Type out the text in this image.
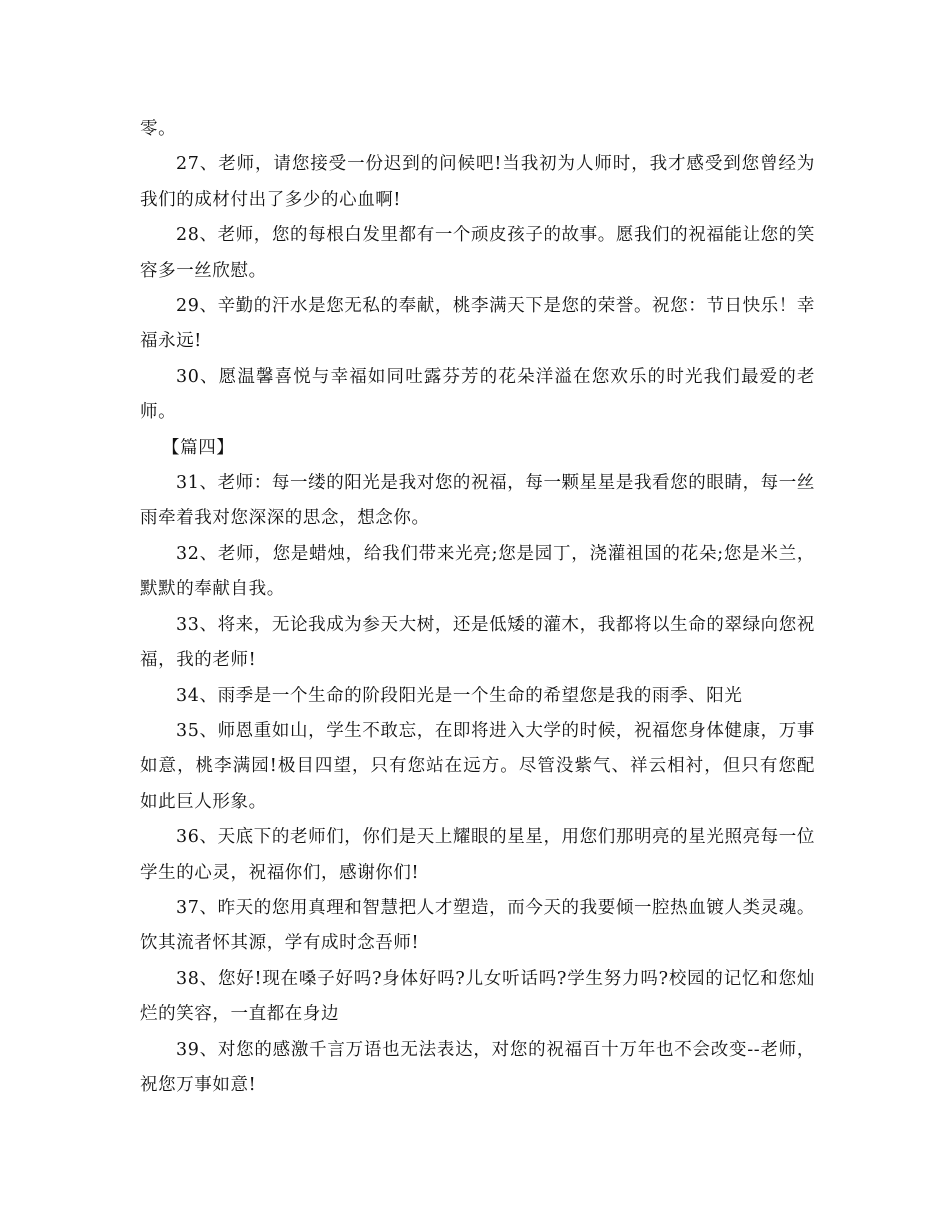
零。

27、老师，请您接受一份迟到的问候吧!当我初为人师时，我才感受到您曾经为我们的成材付出了多少的心血啊!

28、老师，您的每根白发里都有一个顽皮孩子的故事。愿我们的祝福能让您的笑容多一丝欣慰。

29、辛勤的汗水是您无私的奉献，桃李满天下是您的荣誉。祝您：节日快乐！幸福永远!

30、愿温馨喜悦与幸福如同吐露芬芳的花朵洋溢在您欢乐的时光我们最爱的老师。

【篇四】

31、老师：每一缕的阳光是我对您的祝福，每一颗星星是我看您的眼睛，每一丝雨牵着我对您深深的思念，想念你。

32、老师，您是蜡烛，给我们带来光亮;您是园丁，浇灌祖国的花朵;您是米兰，默默的奉献自我。

33、将来，无论我成为参天大树，还是低矮的灌木，我都将以生命的翠绿向您祝福，我的老师!

34、雨季是一个生命的阶段阳光是一个生命的希望您是我的雨季、阳光

35、师恩重如山，学生不敢忘，在即将进入大学的时候，祝福您身体健康，万事如意，桃李满园!极目四望，只有您站在远方。尽管没紫气、祥云相衬，但只有您配如此巨人形象。

36、天底下的老师们，你们是天上耀眼的星星，用您们那明亮的星光照亮每一位学生的心灵，祝福你们，感谢你们!

37、昨天的您用真理和智慧把人才塑造，而今天的我要倾一腔热血镀人类灵魂。饮其流者怀其源，学有成时念吾师!

38、您好!现在嗓子好吗?身体好吗?儿女听话吗?学生努力吗?校园的记忆和您灿烂的笑容，一直都在身边

39、对您的感激千言万语也无法表达，对您的祝福百十万年也不会改变--老师，祝您万事如意!
